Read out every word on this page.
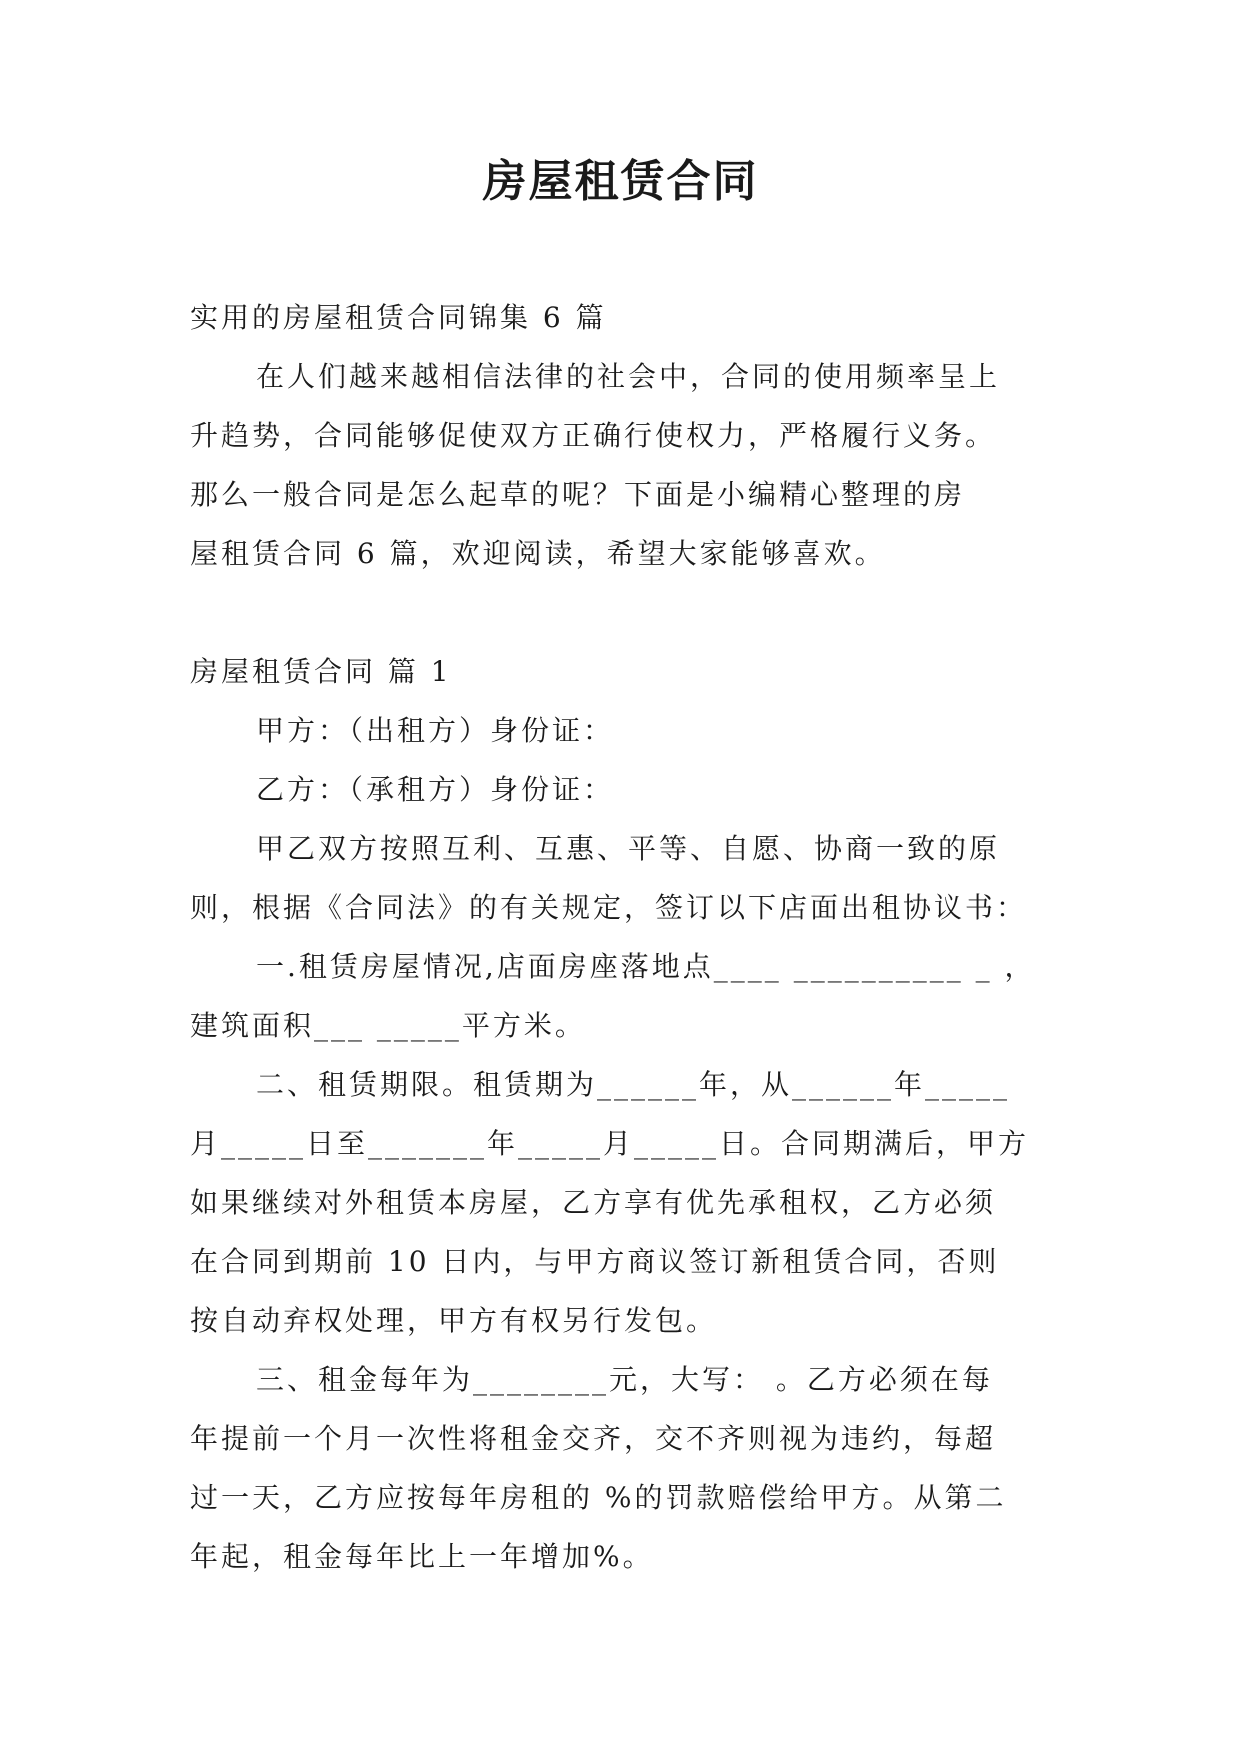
房屋租赁合同
实用的房屋租赁合同锦集 6 篇
在人们越来越相信法律的社会中，合同的使用频率呈上
升趋势，合同能够促使双方正确行使权力，严格履行义务。
那么一般合同是怎么起草的呢？下面是小编精心整理的房
屋租赁合同 6 篇，欢迎阅读，希望大家能够喜欢。
房屋租赁合同 篇 1
甲方：（出租方）身份证：
乙方：（承租方）身份证：
甲乙双方按照互利、互惠、平等、自愿、协商一致的原
则，根据《合同法》的有关规定，签订以下店面出租协议书：
一.租赁房屋情况,店面房座落地点____ __________ _ ，
建筑面积___ _____平方米。
二、租赁期限。租赁期为______年，从______年_____
月_____日至_______年_____月_____日。合同期满后，甲方
如果继续对外租赁本房屋，乙方享有优先承租权，乙方必须
在合同到期前 10 日内，与甲方商议签订新租赁合同，否则
按自动弃权处理，甲方有权另行发包。
三、租金每年为________元，大写： 。乙方必须在每
年提前一个月一次性将租金交齐，交不齐则视为违约，每超
过一天，乙方应按每年房租的 %的罚款赔偿给甲方。从第二
年起，租金每年比上一年增加%。
